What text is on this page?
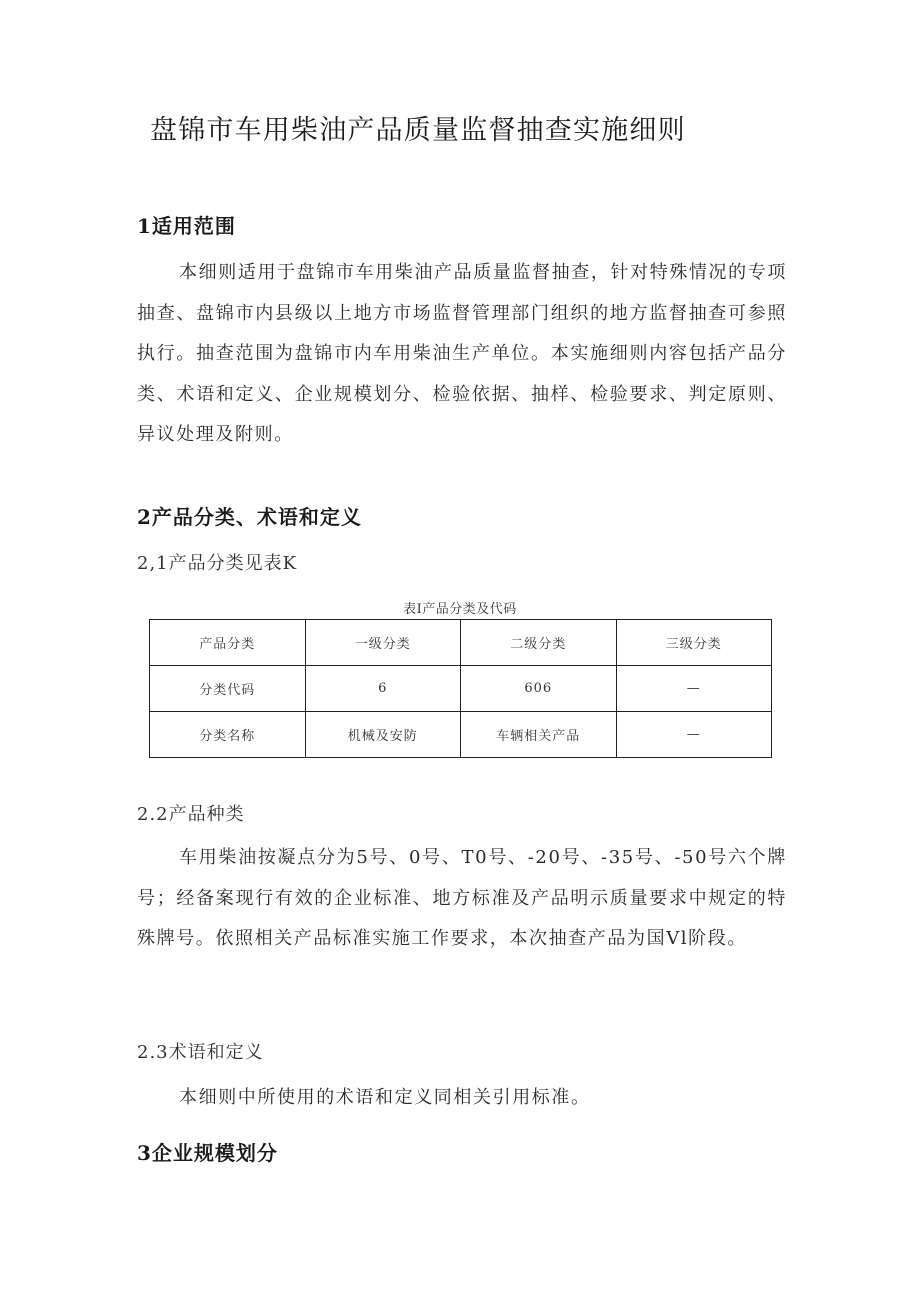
盘锦市车用柴油产品质量监督抽查实施细则
1适用范围
本细则适用于盘锦市车用柴油产品质量监督抽查，针对特殊情况的专项抽查、盘锦市内县级以上地方市场监督管理部门组织的地方监督抽查可参照执行。抽查范围为盘锦市内车用柴油生产单位。本实施细则内容包括产品分类、术语和定义、企业规模划分、检验依据、抽样、检验要求、判定原则、异议处理及附则。
2产品分类、术语和定义
2,1产品分类见表K
表I产品分类及代码
产品分类	一级分类	二级分类	三级分类
分类代码	6	606	—
分类名称	机械及安防	车辆相关产品	—
2.2产品种类
车用柴油按凝点分为5号、0号、T0号、-20号、-35号、-50号六个牌号；经备案现行有效的企业标准、地方标准及产品明示质量要求中规定的特殊牌号。依照相关产品标准实施工作要求，本次抽查产品为国Vl阶段。
2.3术语和定义
本细则中所使用的术语和定义同相关引用标准。
3企业规模划分
